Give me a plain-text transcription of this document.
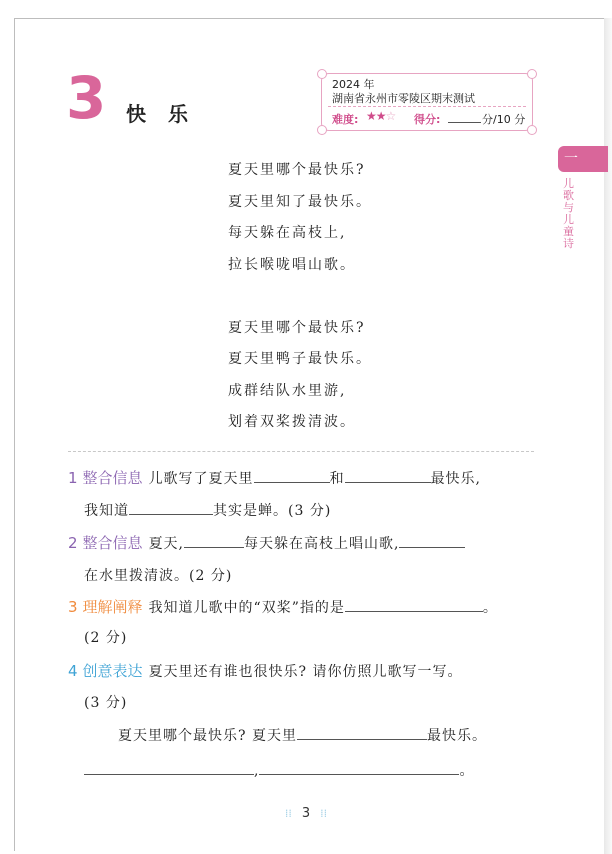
3 快乐
2024 年
湖南省永州市零陵区期末测试
难度: ★★☆ 得分:	分/10 分
一
儿歌与儿童诗
夏天里哪个最快乐?
夏天里知了最快乐。
每天躲在高枝上,
拉长喉咙唱山歌。
夏天里哪个最快乐?
夏天里鸭子最快乐。
成群结队水里游,
划着双桨拨清波。
1 整合信息 儿歌写了夏天里	和	最快乐,
我知道	其实是蝉。(3 分)
2 整合信息 夏天,	每天躲在高枝上唱山歌,
在水里拨清波。(2 分)
3 理解阐释 我知道儿歌中的“双桨”指的是	。
(2 分)
4 创意表达 夏天里还有谁也很快乐? 请你仿照儿歌写一写。
(3 分)
夏天里哪个最快乐? 夏天里	最快乐。
,	。
⁞⁞ 3 ⁞⁞
